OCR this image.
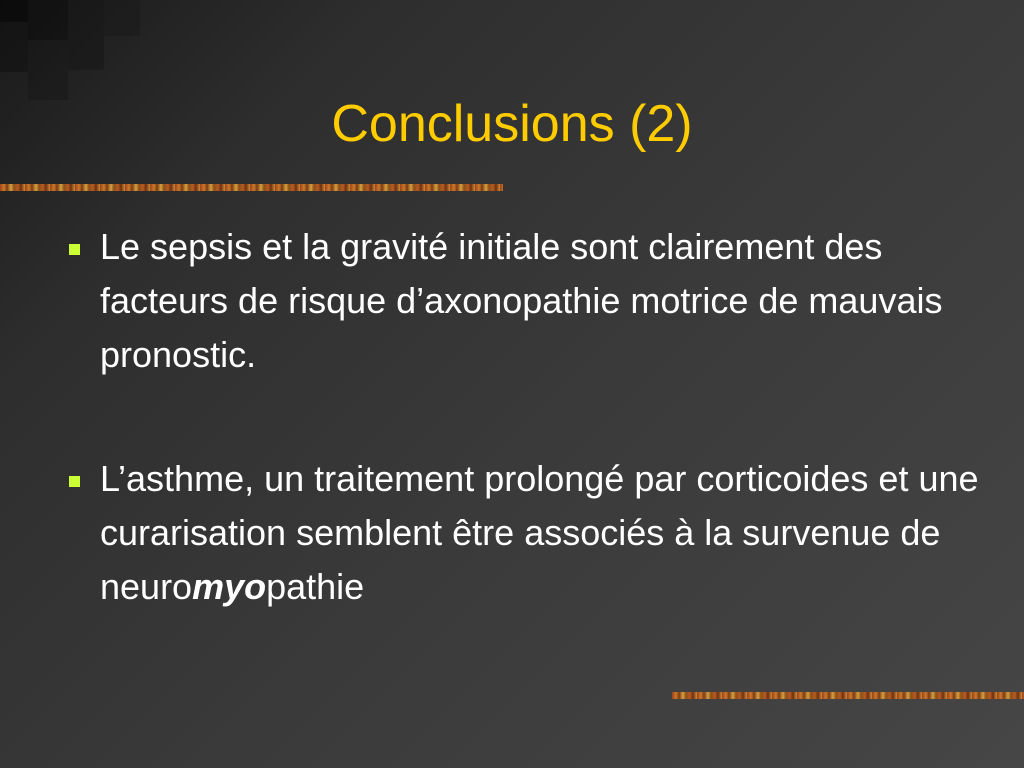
Conclusions (2)
Le sepsis et la gravité initiale sont clairement des facteurs de risque d’axonopathie motrice de mauvais pronostic.
L’asthme, un traitement prolongé par corticoides et une curarisation semblent être associés à la survenue de neuromyopathie
